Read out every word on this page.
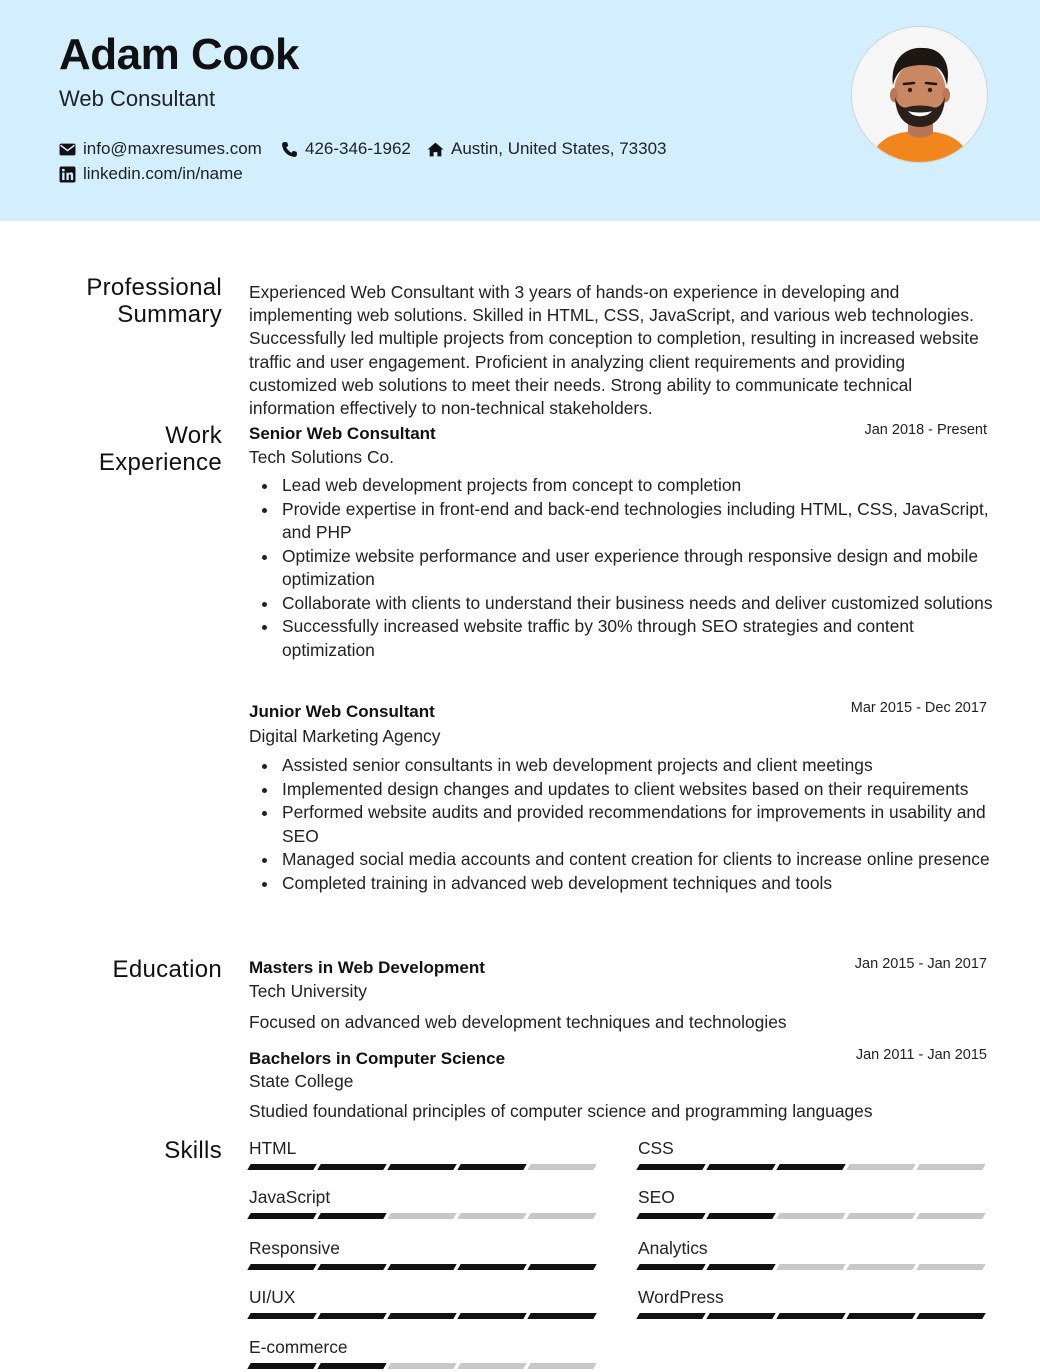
Adam Cook
Web Consultant
info@maxresumes.com	426-346-1962 Austin, United States, 73303
linkedin.com/in/name
Professional
Summary
Experienced Web Consultant with 3 years of hands-on experience in developing and implementing web solutions. Skilled in HTML, CSS, JavaScript, and various web technologies. Successfully led multiple projects from conception to completion, resulting in increased website traffic and user engagement. Proficient in analyzing client requirements and providing customized web solutions to meet their needs. Strong ability to communicate technical information effectively to non-technical stakeholders.
Work
Experience
Senior Web Consultant	Jan 2018 - Present
Tech Solutions Co.
Lead web development projects from concept to completion
Provide expertise in front-end and back-end technologies including HTML, CSS, JavaScript, and PHP
Optimize website performance and user experience through responsive design and mobile optimization
Collaborate with clients to understand their business needs and deliver customized solutions
Successfully increased website traffic by 30% through SEO strategies and content optimization
Junior Web Consultant	Mar 2015 - Dec 2017
Digital Marketing Agency
Assisted senior consultants in web development projects and client meetings
Implemented design changes and updates to client websites based on their requirements
Performed website audits and provided recommendations for improvements in usability and SEO
Managed social media accounts and content creation for clients to increase online presence
Completed training in advanced web development techniques and tools
Education Masters in Web Development	Jan 2015 - Jan 2017
Tech University
Focused on advanced web development techniques and technologies
Bachelors in Computer Science	Jan 2011 - Jan 2015
State College
Studied foundational principles of computer science and programming languages
Skills HTML	CSS
JavaScript	SEO
Responsive	Analytics
UI/UX	WordPress
E-commerce
